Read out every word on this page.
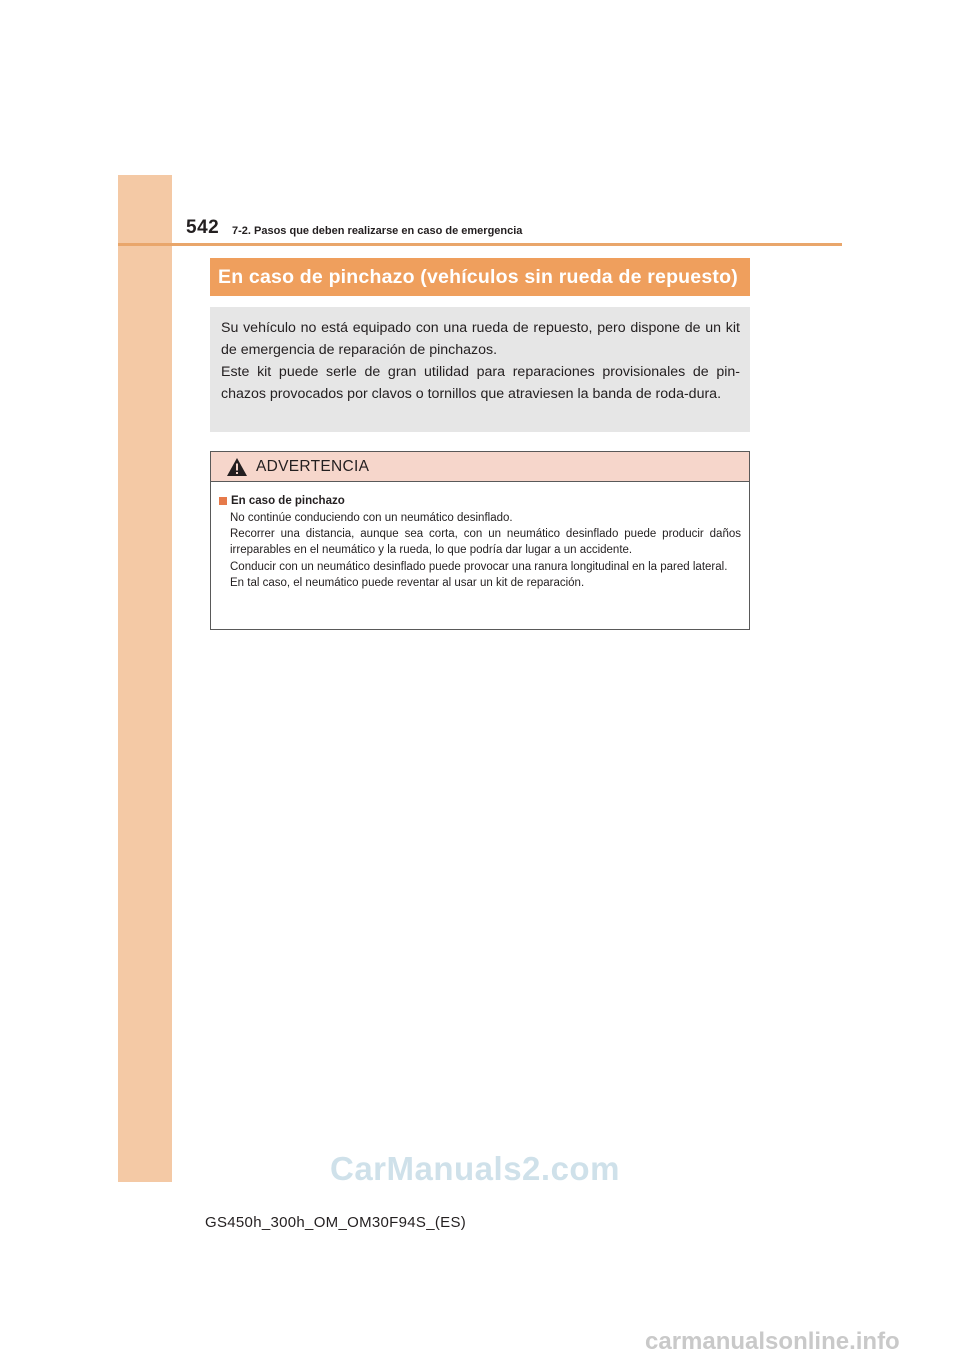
542 7-2. Pasos que deben realizarse en caso de emergencia
En caso de pinchazo (vehículos sin rueda de repuesto)

Su vehículo no está equipado con una rueda de repuesto, pero dispone de un kit de emergencia de reparación de pinchazos.

Este kit puede serle de gran utilidad para reparaciones provisionales de pin-chazos provocados por clavos o tornillos que atraviesen la banda de roda-dura.

ADVERTENCIA
En caso de pinchazo

No continúe conduciendo con un neumático desinflado.

Recorrer una distancia, aunque sea corta, con un neumático desinflado puede producir daños irreparables en el neumático y la rueda, lo que podría dar lugar a un accidente.

Conducir con un neumático desinflado puede provocar una ranura longitudinal en la pared lateral.

En tal caso, el neumático puede reventar al usar un kit de reparación.

CarManuals2.com
GS450h_300h_OM_OM30F94S_(ES)
carmanualsonline.info
